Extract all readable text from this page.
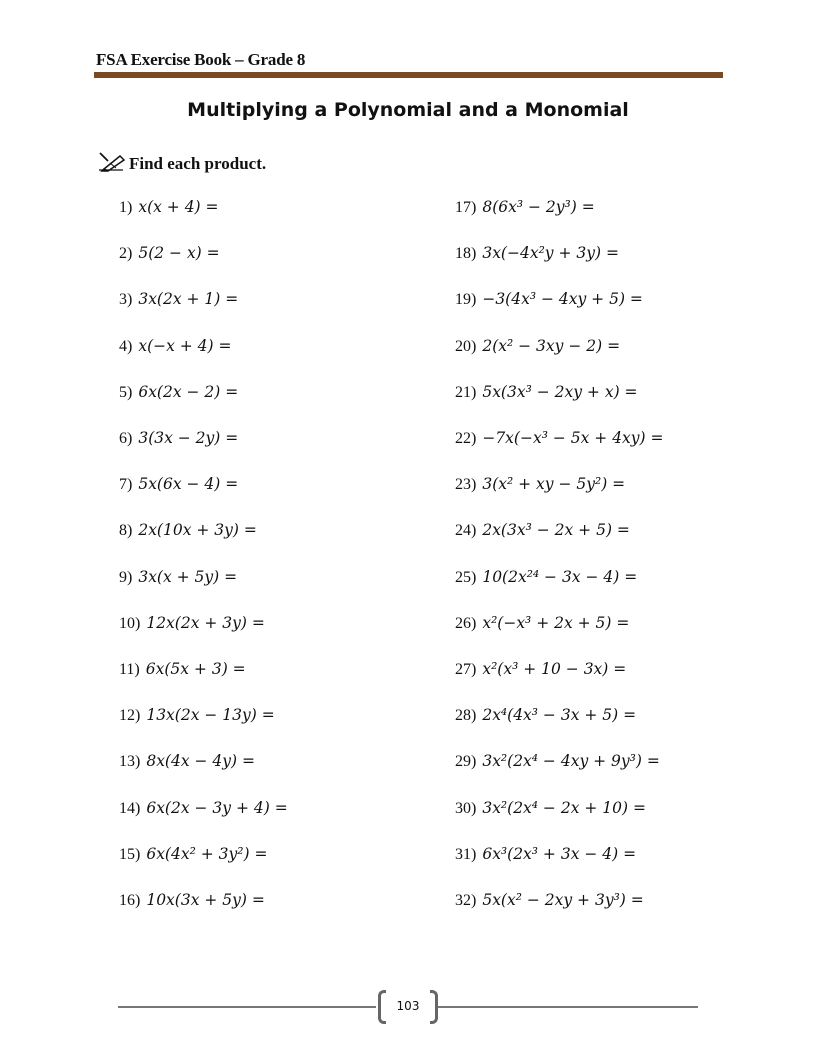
FSA Exercise Book – Grade 8
Multiplying a Polynomial and a Monomial
Find each product.
1) x(x + 4) =
2) 5(2 − x) =
3) 3x(2x + 1) =
4) x(−x + 4) =
5) 6x(2x − 2) =
6) 3(3x − 2y) =
7) 5x(6x − 4) =
8) 2x(10x + 3y) =
9) 3x(x + 5y) =
10) 12x(2x + 3y) =
11) 6x(5x + 3) =
12) 13x(2x − 13y) =
13) 8x(4x − 4y) =
14) 6x(2x − 3y + 4) =
15) 6x(4x² + 3y²) =
16) 10x(3x + 5y) =
17) 8(6x³ − 2y³) =
18) 3x(−4x²y + 3y) =
19) −3(4x³ − 4xy + 5) =
20) 2(x² − 3xy − 2) =
21) 5x(3x³ − 2xy + x) =
22) −7x(−x³ − 5x + 4xy) =
23) 3(x² + xy − 5y²) =
24) 2x(3x³ − 2x + 5) =
25) 10(2x²⁴ − 3x − 4) =
26) x²(−x³ + 2x + 5) =
27) x²(x³ + 10 − 3x) =
28) 2x⁴(4x³ − 3x + 5) =
29) 3x²(2x⁴ − 4xy + 9y³) =
30) 3x²(2x⁴ − 2x + 10) =
31) 6x³(2x³ + 3x − 4) =
32) 5x(x² − 2xy + 3y³) =
103
